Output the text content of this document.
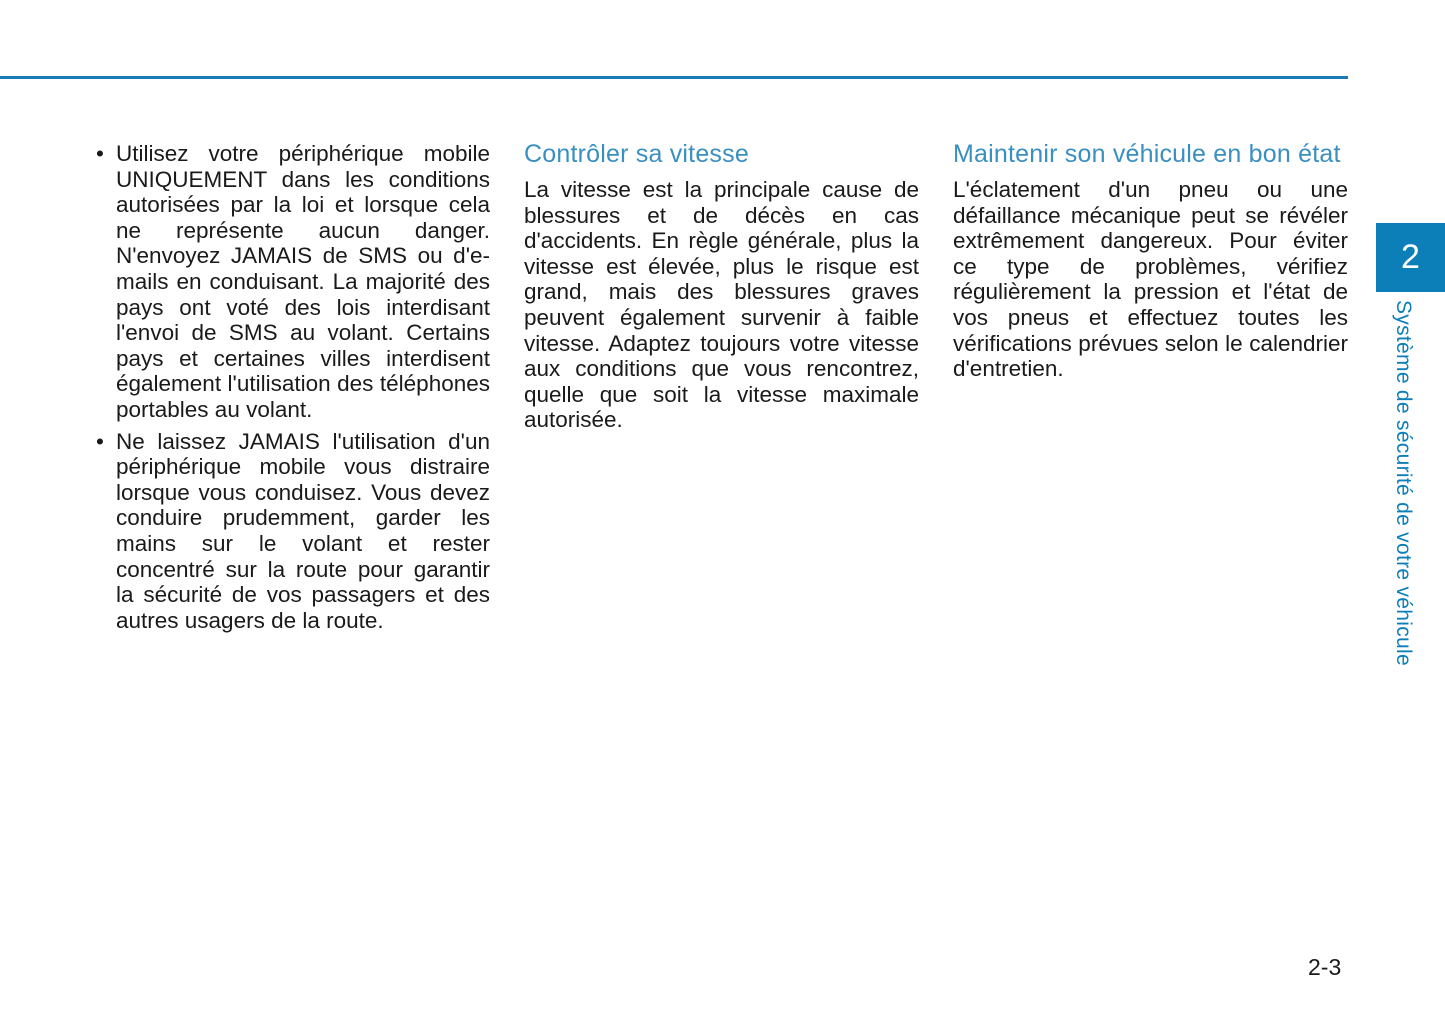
• Utilisez votre périphérique mobile UNIQUEMENT dans les conditions autorisées par la loi et lorsque cela ne représente aucun danger. N'envoyez JAMAIS de SMS ou d'e-mails en conduisant. La majorité des pays ont voté des lois interdisant l'envoi de SMS au volant. Certains pays et certaines villes interdisent également l'utilisation des téléphones portables au volant.
• Ne laissez JAMAIS l'utilisation d'un périphérique mobile vous distraire lorsque vous conduisez. Vous devez conduire prudemment, garder les mains sur le volant et rester concentré sur la route pour garantir la sécurité de vos passagers et des autres usagers de la route.
Contrôler sa vitesse

La vitesse est la principale cause de blessures et de décès en cas d'accidents. En règle générale, plus la vitesse est élevée, plus le risque est grand, mais des blessures graves peuvent également survenir à faible vitesse. Adaptez toujours votre vitesse aux conditions que vous rencontrez, quelle que soit la vitesse maximale autorisée.

Maintenir son véhicule en bon état

L'éclatement d'un pneu ou une défaillance mécanique peut se révéler extrêmement dangereux. Pour éviter ce type de problèmes, vérifiez régulièrement la pression et l'état de vos pneus et effectuez toutes les vérifications prévues selon le calendrier d'entretien.

2
Système de sécurité de votre véhicule
2-3
